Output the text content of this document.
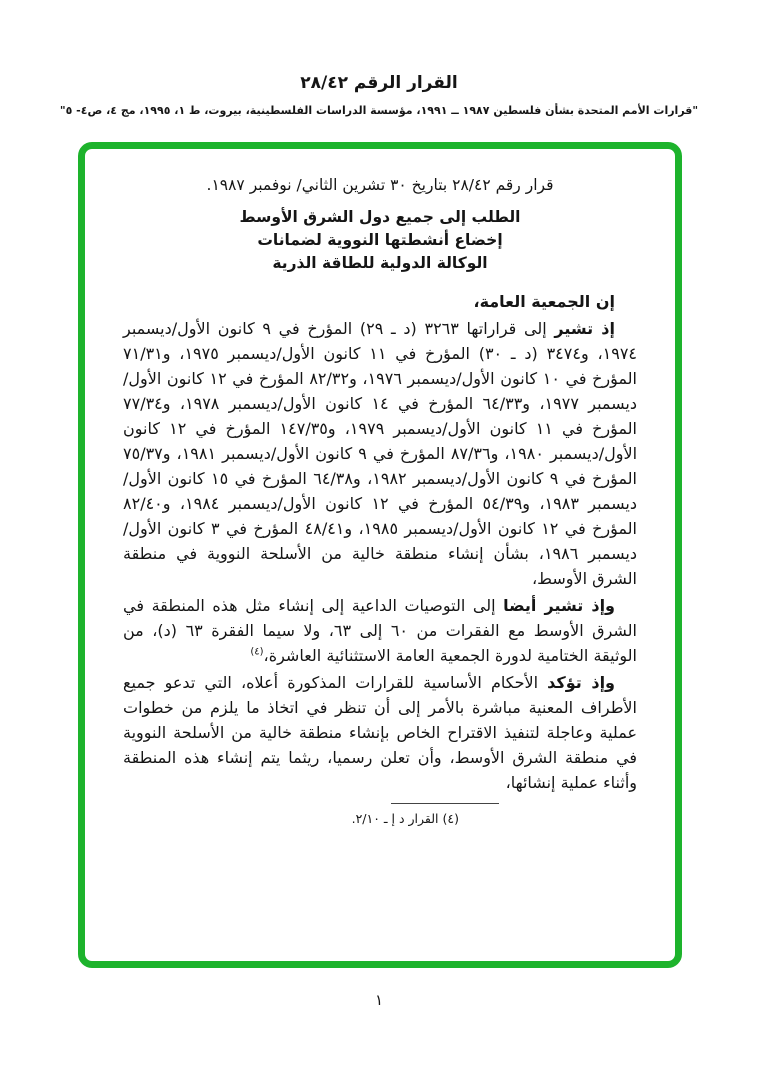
القرار الرقم ٢٨/٤٢
"قرارات الأمم المتحدة بشأن فلسطين ١٩٨٧ ــ ١٩٩١، مؤسسة الدراسات الفلسطينية، بيروت، ط ١، ١٩٩٥، مج ٤، ص٤- ٥"

قرار رقم ٢٨/٤٢ بتاريخ ٣٠ تشرين الثاني/ نوفمبر ١٩٨٧.

الطلب إلى جميع دول الشرق الأوسط
إخضاع أنشطتها النووية لضمانات
الوكالة الدولية للطاقة الذرية

إن الجمعية العامة،

إذ تشير إلى قراراتها ٣٢٦٣ (د ـ ٢٩) المؤرخ في ٩ كانون الأول/ديسمبر ١٩٧٤، و٣٤٧٤ (د ـ ٣٠) المؤرخ في ١١ كانون الأول/ديسمبر ١٩٧٥، و٧١/٣١ المؤرخ في ١٠ كانون الأول/ديسمبر ١٩٧٦، و٨٢/٣٢ المؤرخ في ١٢ كانون الأول/ديسمبر ١٩٧٧، و٦٤/٣٣ المؤرخ في ١٤ كانون الأول/ديسمبر ١٩٧٨، و٧٧/٣٤ المؤرخ في ١١ كانون الأول/ديسمبر ١٩٧٩، و١٤٧/٣٥ المؤرخ في ١٢ كانون الأول/ديسمبر ١٩٨٠، و٨٧/٣٦ المؤرخ في ٩ كانون الأول/ديسمبر ١٩٨١، و٧٥/٣٧ المؤرخ في ٩ كانون الأول/ديسمبر ١٩٨٢، و٦٤/٣٨ المؤرخ في ١٥ كانون الأول/ديسمبر ١٩٨٣، و٥٤/٣٩ المؤرخ في ١٢ كانون الأول/ديسمبر ١٩٨٤، و٨٢/٤٠ المؤرخ في ١٢ كانون الأول/ديسمبر ١٩٨٥، و٤٨/٤١ المؤرخ في ٣ كانون الأول/ديسمبر ١٩٨٦، بشأن إنشاء منطقة خالية من الأسلحة النووية في منطقة الشرق الأوسط،

وإذ تشير أيضا إلى التوصيات الداعية إلى إنشاء مثل هذه المنطقة في الشرق الأوسط مع الفقرات من ٦٠ إلى ٦٣، ولا سيما الفقرة ٦٣ (د)، من الوثيقة الختامية لدورة الجمعية العامة الاستثنائية العاشرة،$^{(٤)}$

وإذ تؤكد الأحكام الأساسية للقرارات المذكورة أعلاه، التي تدعو جميع الأطراف المعنية مباشرة بالأمر إلى أن تنظر في اتخاذ ما يلزم من خطوات عملية وعاجلة لتنفيذ الاقتراح الخاص بإنشاء منطقة خالية من الأسلحة النووية في منطقة الشرق الأوسط، وأن تعلن رسميا، ريثما يتم إنشاء هذه المنطقة وأثناء عملية إنشائها،

(٤) القرار د إ ـ ٢/١٠.
١
